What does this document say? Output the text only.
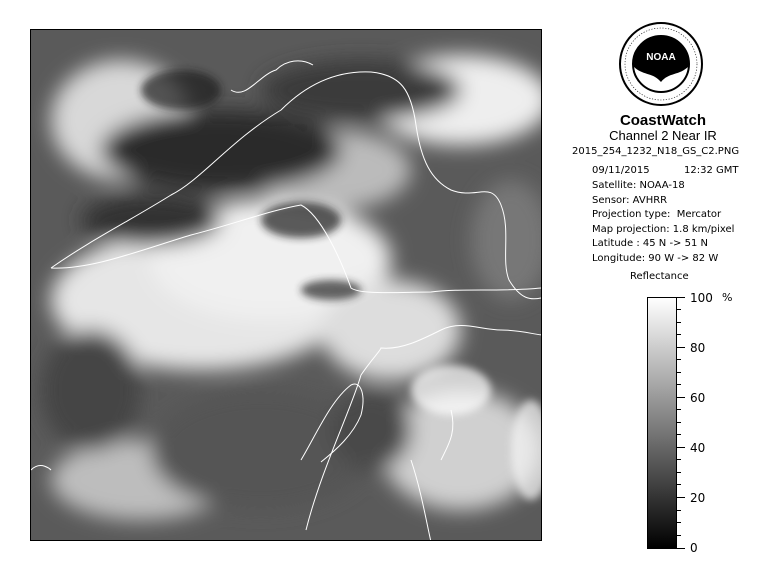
NOAA
CoastWatch
Channel 2 Near IR
2015_254_1232_N18_GS_C2.PNG
09/11/2015	12:32 GMT
Satellite: NOAA-18
Sensor: AVHRR
Projection type:  Mercator
Map projection: 1.8 km/pixel
Latitude : 45 N -> 51 N
Longitude: 90 W -> 82 W
Reflectance
%
100
80
60
40
20
0
